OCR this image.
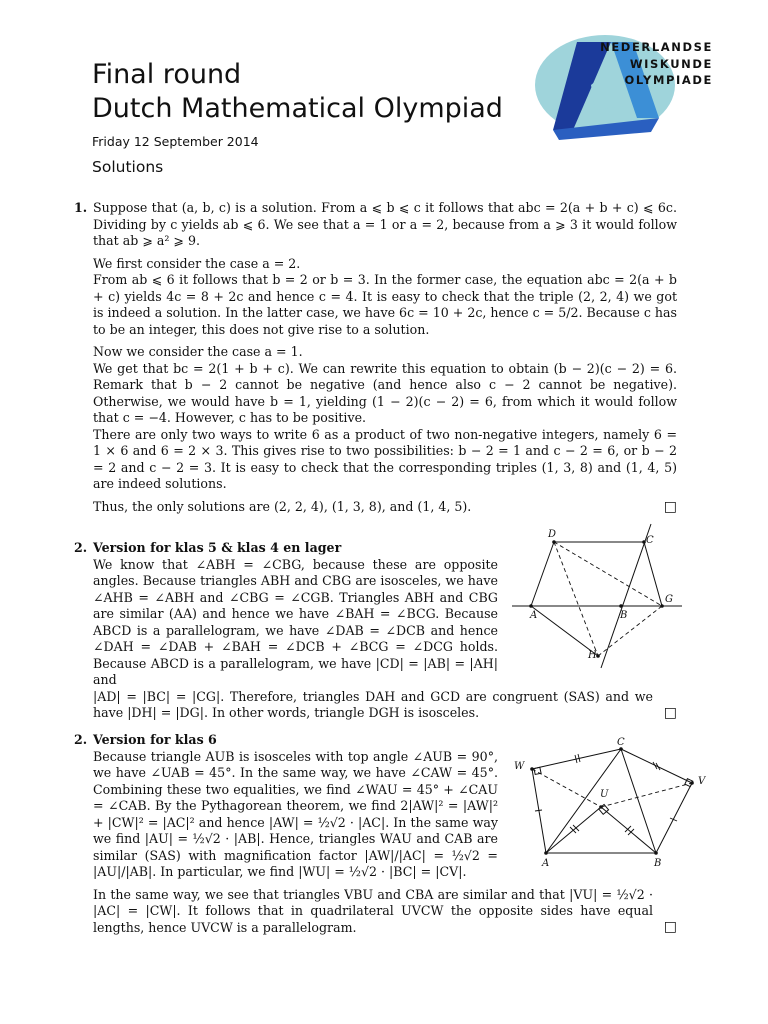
Final round
Dutch Mathematical Olympiad
Friday 12 September 2014
Solutions
NEDERLANDSE
WISKUNDE
OLYMPIADE
1. Suppose that (a, b, c) is a solution. From a ⩽ b ⩽ c it follows that abc = 2(a + b + c) ⩽ 6c. Dividing by c yields ab ⩽ 6. We see that a = 1 or a = 2, because from a ⩾ 3 it would follow that ab ⩾ a² ⩾ 9.

We first consider the case a = 2.

From ab ⩽ 6 it follows that b = 2 or b = 3. In the former case, the equation abc = 2(a + b + c) yields 4c = 8 + 2c and hence c = 4. It is easy to check that the triple (2, 2, 4) we got is indeed a solution. In the latter case, we have 6c = 10 + 2c, hence c = 5/2. Because c has to be an integer, this does not give rise to a solution.

Now we consider the case a = 1.

We get that bc = 2(1 + b + c). We can rewrite this equation to obtain (b − 2)(c − 2) = 6. Remark that b − 2 cannot be negative (and hence also c − 2 cannot be negative). Otherwise, we would have b = 1, yielding (1 − 2)(c − 2) = 6, from which it would follow that c = −4. However, c has to be positive.

There are only two ways to write 6 as a product of two non-negative integers, namely 6 = 1 × 6 and 6 = 2 × 3. This gives rise to two possibilities: b − 2 = 1 and c − 2 = 6, or b − 2 = 2 and c − 2 = 3. It is easy to check that the corresponding triples (1, 3, 8) and (1, 4, 5) are indeed solutions.

Thus, the only solutions are (2, 2, 4), (1, 3, 8), and (1, 4, 5).	□

2. Version for klas 5 & klas 4 en lager

We know that ∠ABH = ∠CBG, because these are opposite angles. Because triangles ABH and CBG are isosceles, we have ∠AHB = ∠ABH and ∠CBG = ∠CGB. Triangles ABH and CBG are similar (AA) and hence we have ∠BAH = ∠BCG. Because ABCD is a parallelogram, we have ∠DAB = ∠DCB and hence ∠DAH = ∠DAB + ∠BAH = ∠DCB + ∠BCG = ∠DCG holds. Because ABCD is a parallelogram, we have |CD| = |AB| = |AH| and

|AD| = |BC| = |CG|. Therefore, triangles DAH and GCD are congruent (SAS) and we have |DH| = |DG|. In other words, triangle DGH is isosceles.	□

D
C
A	B
G
H
2. Version for klas 6

Because triangle AUB is isosceles with top angle ∠AUB = 90°, we have ∠UAB = 45°. In the same way, we have ∠CAW = 45°. Combining these two equalities, we find ∠WAU = 45° + ∠CAU = ∠CAB. By the Pythagorean theorem, we find 2|AW|² = |AW|² + |CW|² = |AC|² and hence |AW| = ½√2 · |AC|. In the same way we find |AU| = ½√2 · |AB|. Hence, triangles WAU and CAB are similar (SAS) with magnification factor |AW|/|AC| = ½√2 = |AU|/|AB|. In particular, we find |WU| = ½√2 · |BC| = |CV|.

In the same way, we see that triangles VBU and CBA are similar and that |VU| = ½√2 · |AC| = |CW|. It follows that in quadrilateral UVCW the opposite sides have equal lengths, hence UVCW is a parallelogram.	□

C
A	B
W
V
U
